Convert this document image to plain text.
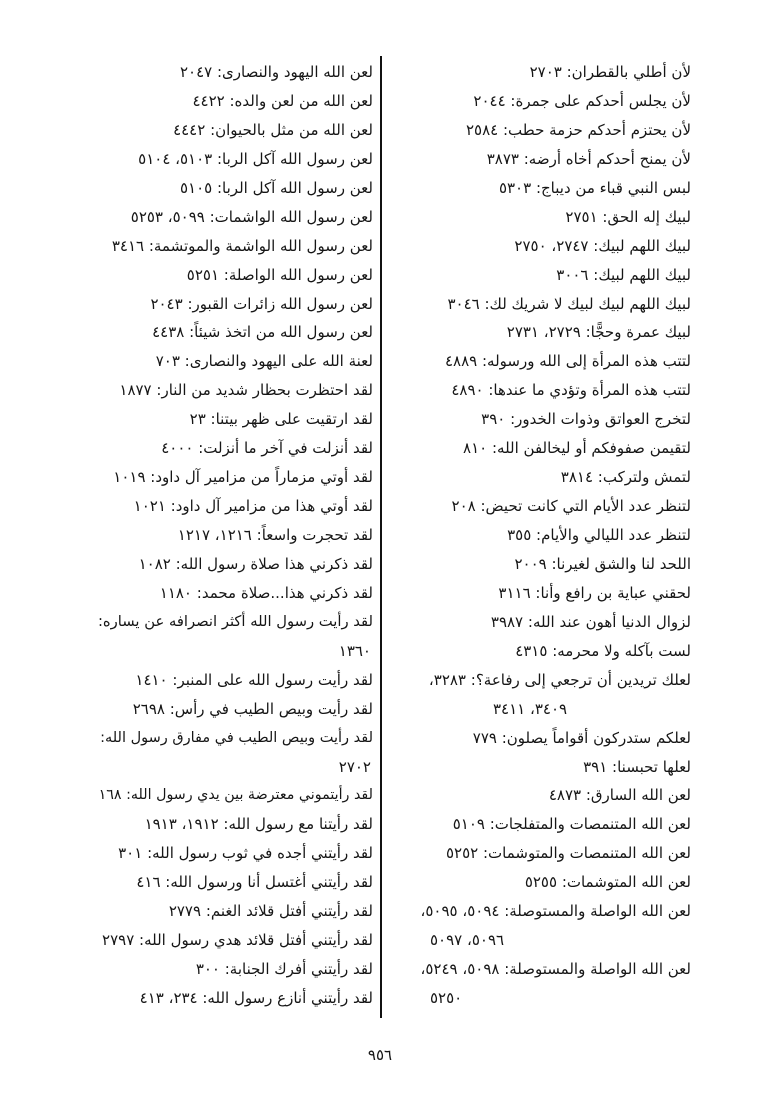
لأن أطلي بالقطران: ٢٧٠٣
لأن يجلس أحدكم على جمرة: ٢٠٤٤
لأن يحتزم أحدكم حزمة حطب: ٢٥٨٤
لأن يمنح أحدكم أخاه أرضه: ٣٨٧٣
لبس النبي قباء من ديباج: ٥٣٠٣
لبيك إله الحق: ٢٧٥١
لبيك اللهم لبيك: ٢٧٤٧، ٢٧٥٠
لبيك اللهم لبيك: ٣٠٠٦
لبيك اللهم لبيك لبيك لا شريك لك: ٣٠٤٦
لبيك عمرة وحجًّا: ٢٧٢٩، ٢٧٣١
لتتب هذه المرأة إلى الله ورسوله: ٤٨٨٩
لتتب هذه المرأة وتؤدي ما عندها: ٤٨٩٠
لتخرج العواتق وذوات الخدور: ٣٩٠
لتقيمن صفوفكم أو ليخالفن الله: ٨١٠
لتمش ولتركب: ٣٨١٤
لتنظر عدد الأيام التي كانت تحيض: ٢٠٨
لتنظر عدد الليالي والأيام: ٣٥٥
اللحد لنا والشق لغيرنا: ٢٠٠٩
لحقني عباية بن رافع وأنا: ٣١١٦
لزوال الدنيا أهون عند الله: ٣٩٨٧
لست بآكله ولا محرمه: ٤٣١٥
لعلك تريدين أن ترجعي إلى رفاعة؟: ٣٢٨٣،
٣٤٠٩، ٣٤١١
لعلكم ستدركون أقواماً يصلون: ٧٧٩
لعلها تحبسنا: ٣٩١
لعن الله السارق: ٤٨٧٣
لعن الله المتنمصات والمتفلجات: ٥١٠٩
لعن الله المتنمصات والمتوشمات: ٥٢٥٢
لعن الله المتوشمات: ٥٢٥٥
لعن الله الواصلة والمستوصلة: ٥٠٩٤، ٥٠٩٥،
٥٠٩٦، ٥٠٩٧
لعن الله الواصلة والمستوصلة: ٥٠٩٨، ٥٢٤٩،
٥٢٥٠
لعن الله اليهود والنصارى: ٢٠٤٧
لعن الله من لعن والده: ٤٤٢٢
لعن الله من مثل بالحيوان: ٤٤٤٢
لعن رسول الله آكل الربا: ٥١٠٣، ٥١٠٤
لعن رسول الله آكل الربا: ٥١٠٥
لعن رسول الله الواشمات: ٥٠٩٩، ٥٢٥٣
لعن رسول الله الواشمة والموتشمة: ٣٤١٦
لعن رسول الله الواصلة: ٥٢٥١
لعن رسول الله زائرات القبور: ٢٠٤٣
لعن رسول الله من اتخذ شيئاً: ٤٤٣٨
لعنة الله على اليهود والنصارى: ٧٠٣
لقد احتظرت بحظار شديد من النار: ١٨٧٧
لقد ارتقيت على ظهر بيتنا: ٢٣
لقد أنزلت في آخر ما أنزلت: ٤٠٠٠
لقد أوتي مزماراً من مزامير آل داود: ١٠١٩
لقد أوتي هذا من مزامير آل داود: ١٠٢١
لقد تحجرت واسعاً: ١٢١٦، ١٢١٧
لقد ذكرني هذا صلاة رسول الله: ١٠٨٢
لقد ذكرني هذا...صلاة محمد: ١١٨٠
لقد رأيت رسول الله أكثر انصرافه عن يساره:
١٣٦٠
لقد رأيت رسول الله على المنبر: ١٤١٠
لقد رأيت وبيص الطيب في رأس: ٢٦٩٨
لقد رأيت وبيص الطيب في مفارق رسول الله:
٢٧٠٢
لقد رأيتموني معترضة بين يدي رسول الله: ١٦٨
لقد رأيتنا مع رسول الله: ١٩١٢، ١٩١٣
لقد رأيتني أجده في ثوب رسول الله: ٣٠١
لقد رأيتني أغتسل أنا ورسول الله: ٤١٦
لقد رأيتني أفتل قلائد الغنم: ٢٧٧٩
لقد رأيتني أفتل قلائد هدي رسول الله: ٢٧٩٧
لقد رأيتني أفرك الجنابة: ٣٠٠
لقد رأيتني أنازع رسول الله: ٢٣٤، ٤١٣
٩٥٦
